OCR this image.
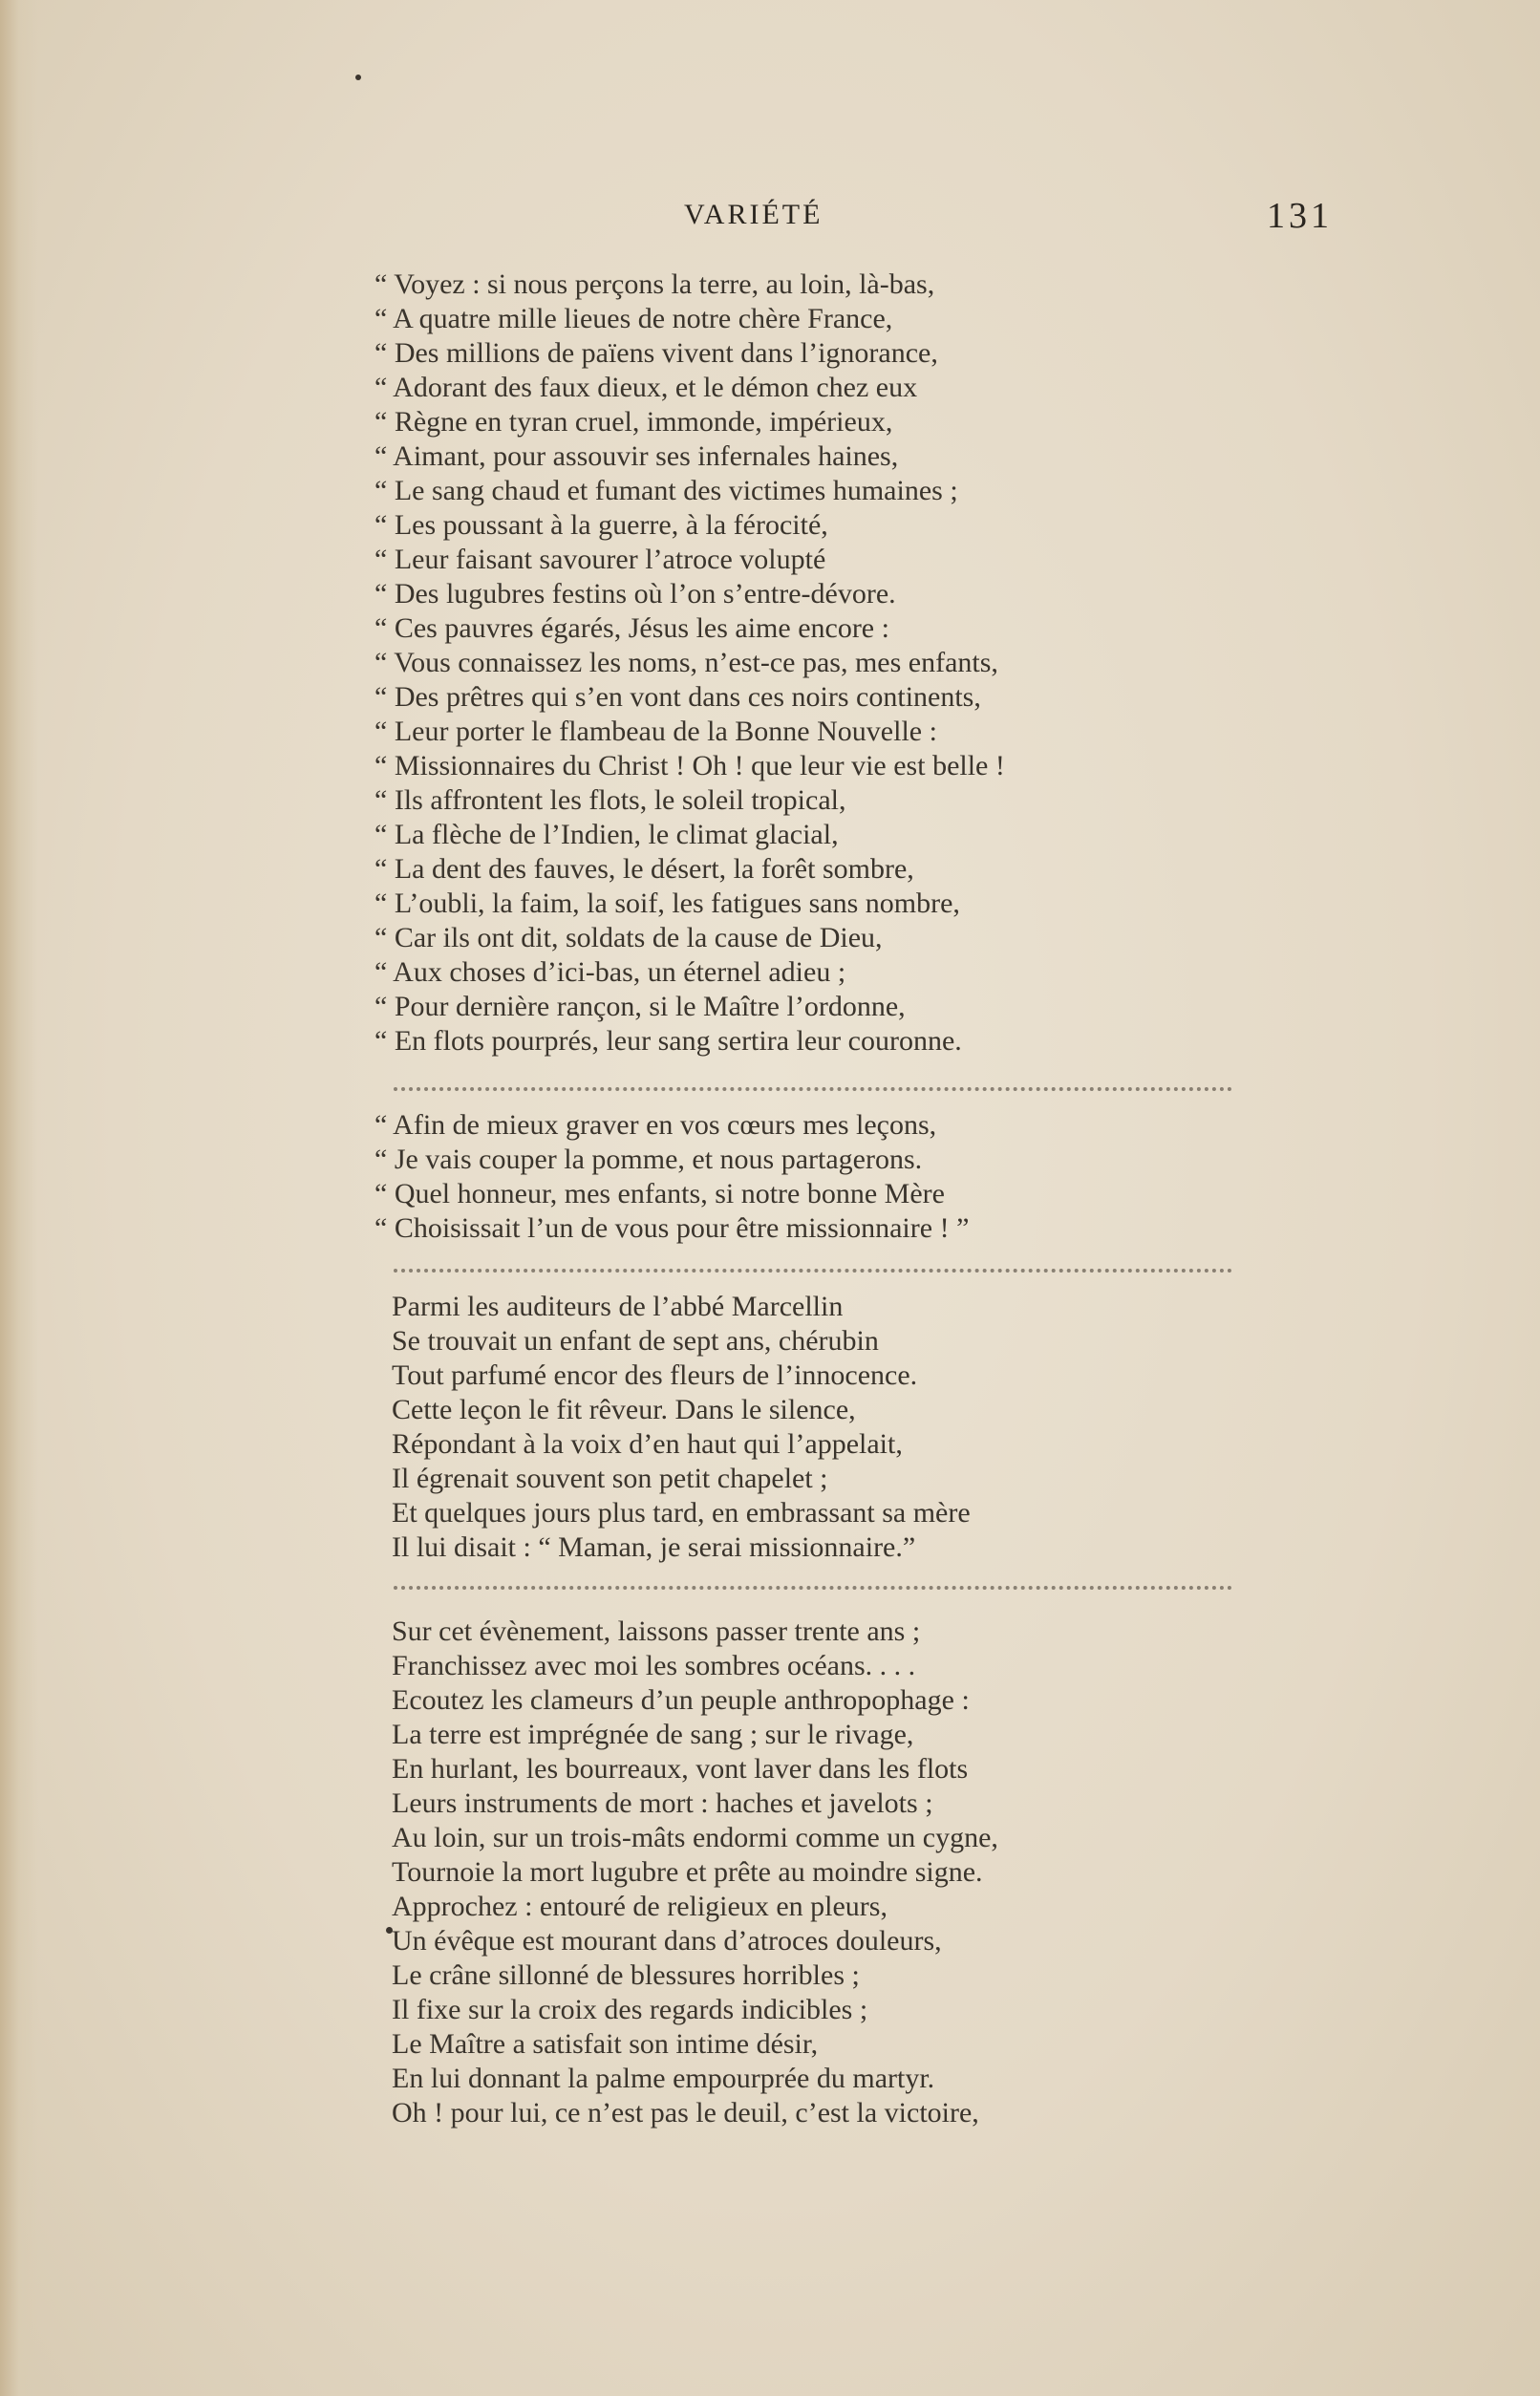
VARIÉTÉ	131
“ Voyez : si nous perçons la terre, au loin, là-bas,
“ A quatre mille lieues de notre chère France,
“ Des millions de païens vivent dans l’ignorance,
“ Adorant des faux dieux, et le démon chez eux
“ Règne en tyran cruel, immonde, impérieux,
“ Aimant, pour assouvir ses infernales haines,
“ Le sang chaud et fumant des victimes humaines ;
“ Les poussant à la guerre, à la férocité,
“ Leur faisant savourer l’atroce volupté
“ Des lugubres festins où l’on s’entre-dévore.
“ Ces pauvres égarés, Jésus les aime encore :
“ Vous connaissez les noms, n’est-ce pas, mes enfants,
“ Des prêtres qui s’en vont dans ces noirs continents,
“ Leur porter le flambeau de la Bonne Nouvelle :
“ Missionnaires du Christ ! Oh ! que leur vie est belle !
“ Ils affrontent les flots, le soleil tropical,
“ La flèche de l’Indien, le climat glacial,
“ La dent des fauves, le désert, la forêt sombre,
“ L’oubli, la faim, la soif, les fatigues sans nombre,
“ Car ils ont dit, soldats de la cause de Dieu,
“ Aux choses d’ici-bas, un éternel adieu ;
“ Pour dernière rançon, si le Maître l’ordonne,
“ En flots pourprés, leur sang sertira leur couronne.
“ Afin de mieux graver en vos cœurs mes leçons,
“ Je vais couper la pomme, et nous partagerons.
“ Quel honneur, mes enfants, si notre bonne Mère
“ Choisissait l’un de vous pour être missionnaire ! ”
Parmi les auditeurs de l’abbé Marcellin
Se trouvait un enfant de sept ans, chérubin
Tout parfumé encor des fleurs de l’innocence.
Cette leçon le fit rêveur. Dans le silence,
Répondant à la voix d’en haut qui l’appelait,
Il égrenait souvent son petit chapelet ;
Et quelques jours plus tard, en embrassant sa mère
Il lui disait : “ Maman, je serai missionnaire.”
Sur cet évènement, laissons passer trente ans ;
Franchissez avec moi les sombres océans. . . .
Ecoutez les clameurs d’un peuple anthropophage :
La terre est imprégnée de sang ; sur le rivage,
En hurlant, les bourreaux, vont laver dans les flots
Leurs instruments de mort : haches et javelots ;
Au loin, sur un trois-mâts endormi comme un cygne,
Tournoie la mort lugubre et prête au moindre signe.
Approchez : entouré de religieux en pleurs,
Un évêque est mourant dans d’atroces douleurs,
Le crâne sillonné de blessures horribles ;
Il fixe sur la croix des regards indicibles ;
Le Maître a satisfait son intime désir,
En lui donnant la palme empourprée du martyr.
Oh ! pour lui, ce n’est pas le deuil, c’est la victoire,
